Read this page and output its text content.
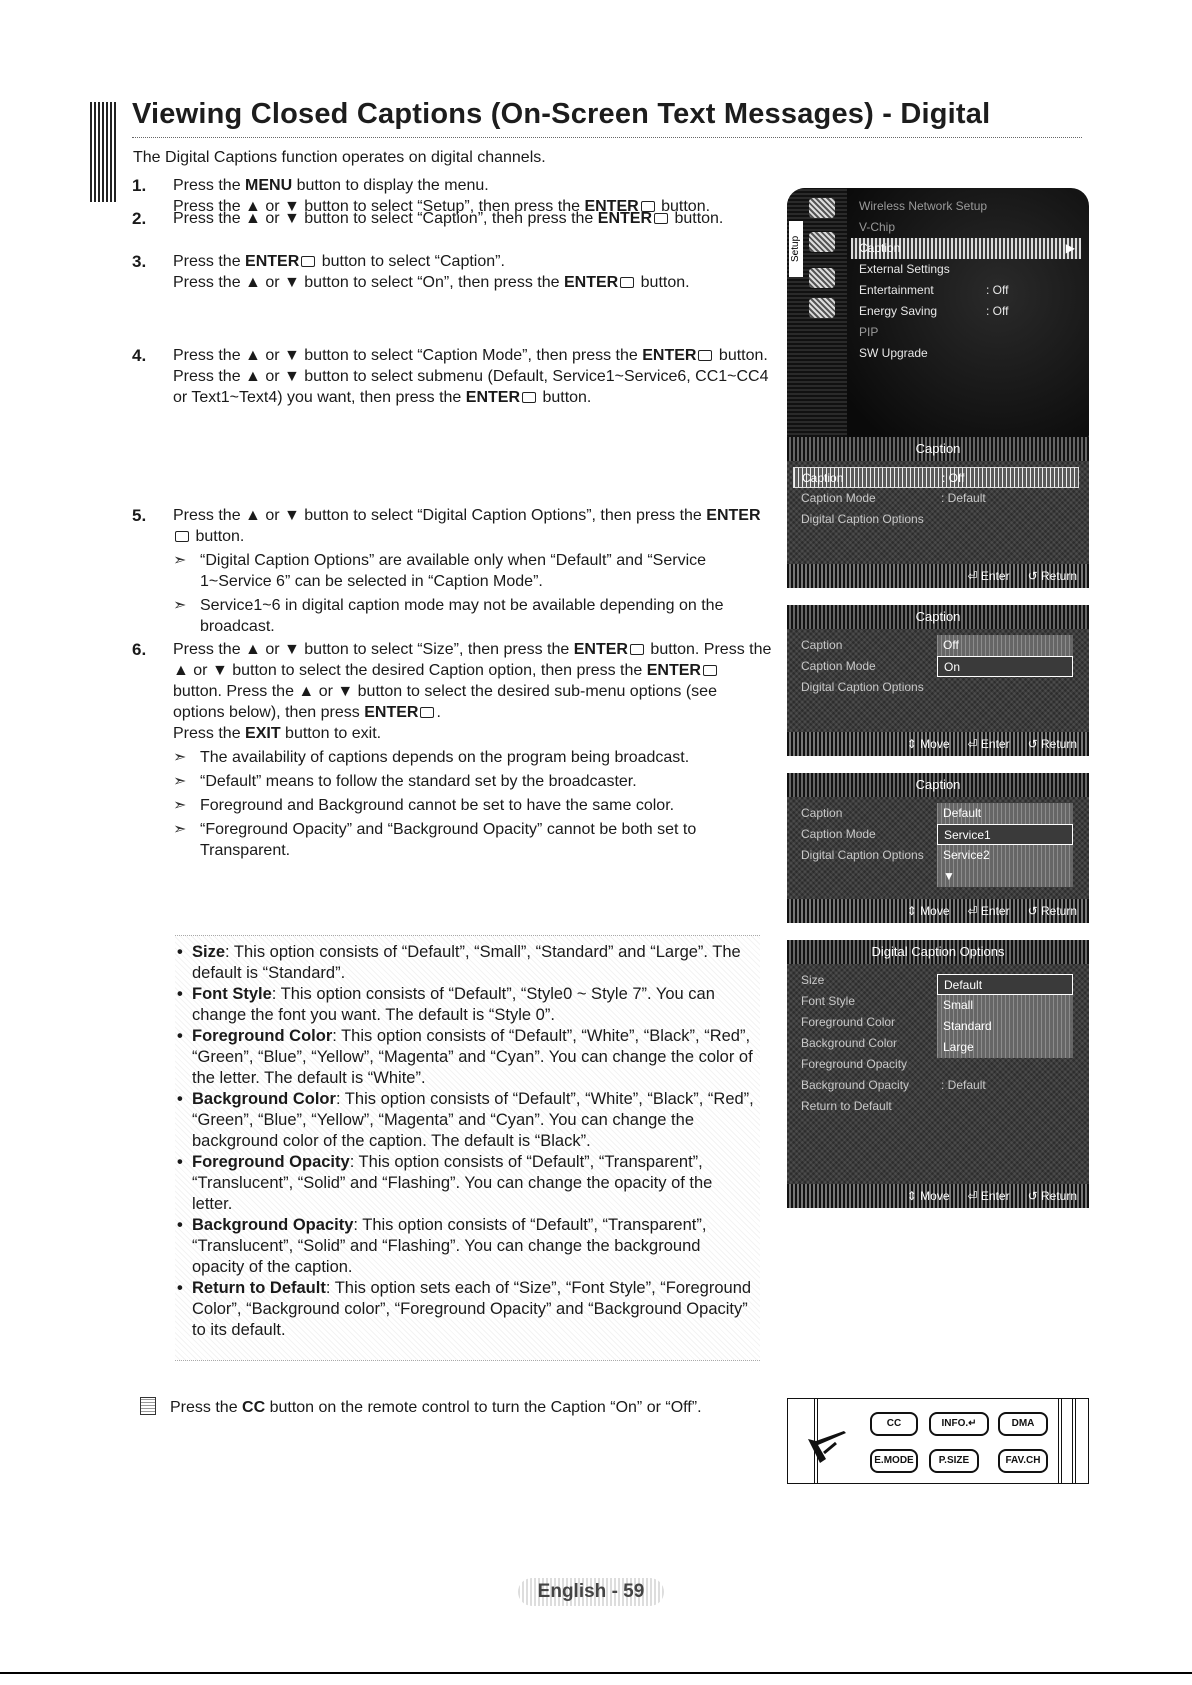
Viewing Closed Captions (On-Screen Text Messages) - Digital

The Digital Captions function operates on digital channels.

1. Press the MENU button to display the menu.

Press the ▲ or ▼ button to select “Setup”, then press the ENTER button.

2. Press the ▲ or ▼ button to select “Caption”, then press the ENTER button.

3. Press the ENTER button to select “Caption”.

Press the ▲ or ▼ button to select “On”, then press the ENTER button.

4. Press the ▲ or ▼ button to select “Caption Mode”, then press the ENTER button. Press the ▲ or ▼ button to select submenu (Default, Service1~Service6, CC1~CC4 or Text1~Text4) you want, then press the ENTER button.

5. Press the ▲ or ▼ button to select “Digital Caption Options”, then press the ENTER button.

➣ “Digital Caption Options” are available only when “Default” and “Service 1~Service 6” can be selected in “Caption Mode”.
➣ Service1~6 in digital caption mode may not be available depending on the broadcast.
6. Press the ▲ or ▼ button to select “Size”, then press the ENTER button. Press the ▲ or ▼ button to select the desired Caption option, then press the ENTER button. Press the ▲ or ▼ button to select the desired sub-menu options (see options below), then press ENTER .

Press the EXIT button to exit.

➣ The availability of captions depends on the program being broadcast.
➣ “Default” means to follow the standard set by the broadcaster.
➣ Foreground and Background cannot be set to have the same color.
➣ “Foreground Opacity” and “Background Opacity” cannot be both set to Transparent.
• Size: This option consists of “Default”, “Small”, “Standard” and “Large”. The default is “Standard”.
• Font Style: This option consists of “Default”, “Style0 ~ Style 7”. You can change the font you want. The default is “Style 0”.
• Foreground Color: This option consists of “Default”, “White”, “Black”, “Red”, “Green”, “Blue”, “Yellow”, “Magenta” and “Cyan”. You can change the color of the letter. The default is “White”.
• Background Color: This option consists of “Default”, “White”, “Black”, “Red”, “Green”, “Blue”, “Yellow”, “Magenta” and “Cyan”. You can change the background color of the caption. The default is “Black”.
• Foreground Opacity: This option consists of “Default”, “Transparent”, “Translucent”, “Solid” and “Flashing”. You can change the opacity of the letter.
• Background Opacity: This option consists of “Default”, “Transparent”, “Translucent”, “Solid” and “Flashing”. You can change the background opacity of the caption.
• Return to Default: This option sets each of “Size”, “Font Style”, “Foreground Color”, “Background color”, “Foreground Opacity” and “Background Opacity” to its default.
Press the CC button on the remote control to turn the Caption “On” or “Off”.
Setup
Wireless Network Setup
V-Chip
Caption	▶
External Settings
Entertainment	: Off
Energy Saving	: Off
PIP
SW Upgrade
Caption
Caption	: Off
Caption Mode	: Default
Digital Caption Options
⏎ Enter ↺ Return
Caption
Caption
Caption Mode
Digital Caption Options
Off
On
⇕ Move ⏎ Enter ↺ Return
Caption
Caption
Caption Mode
Digital Caption Options
Default
Service1
Service2
▼
⇕ Move ⏎ Enter ↺ Return
Digital Caption Options
Size
Font Style
Foreground Color
Background Color
Foreground Opacity
Background Opacity	: Default
Return to Default
Default
Small
Standard
Large
⇕ Move ⏎ Enter ↺ Return
CC	INFO.↵	DMA
E.MODE	P.SIZE	FAV.CH
English - 59
